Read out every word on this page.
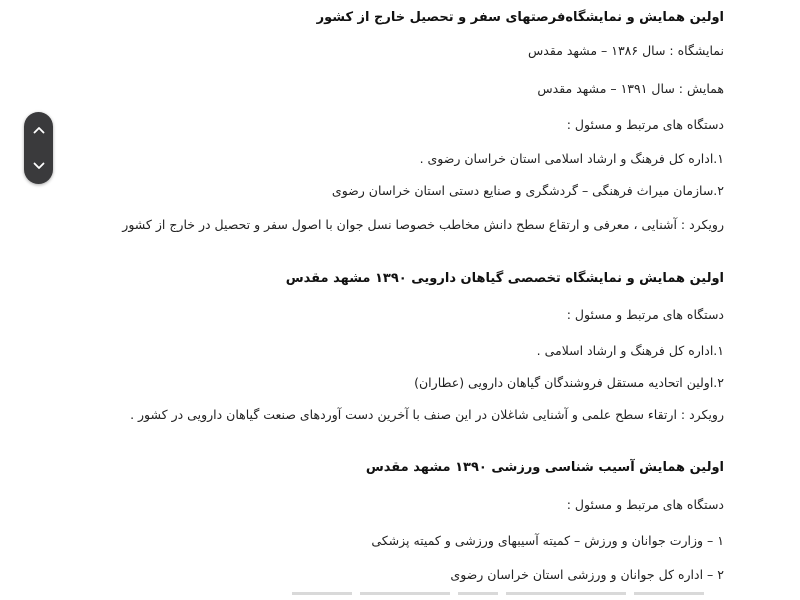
اولین همایش و نمایشگاه‌فرصتهای سفر و تحصیل خارج از کشور
نمایشگاه : سال ۱۳۸۶ – مشهد مقدس
همایش : سال ۱۳۹۱ – مشهد مقدس
دستگاه های مرتبط و مسئول :
۱.اداره کل فرهنگ و ارشاد اسلامی استان خراسان رضوی .
۲.سازمان میراث فرهنگی – گردشگری و صنایع دستی استان خراسان رضوی
رویکرد : آشنایی ، معرفی و ارتقاع سطح دانش مخاطب خصوصا نسل جوان با اصول سفر و تحصیل در خارج از کشور
اولین همایش و نمایشگاه تخصصی گیاهان دارویی ۱۳۹۰ مشهد مقدس
دستگاه های مرتبط و مسئول :
۱.اداره کل فرهنگ و ارشاد اسلامی .
۲.اولین اتحادیه مستقل فروشندگان گیاهان دارویی (عطاران)
رویکرد : ارتقاء سطح علمی و آشنایی شاغلان در این صنف با آخرین دست آوردهای صنعت گیاهان دارویی در کشور .
اولین همایش آسیب شناسی ورزشی ۱۳۹۰ مشهد مقدس
دستگاه های مرتبط و مسئول :
۱ – وزارت جوانان و ورزش – کمیته آسیبهای ورزشی و کمیته پزشکی
۲ – اداره کل جوانان و ورزشی استان خراسان رضوی
